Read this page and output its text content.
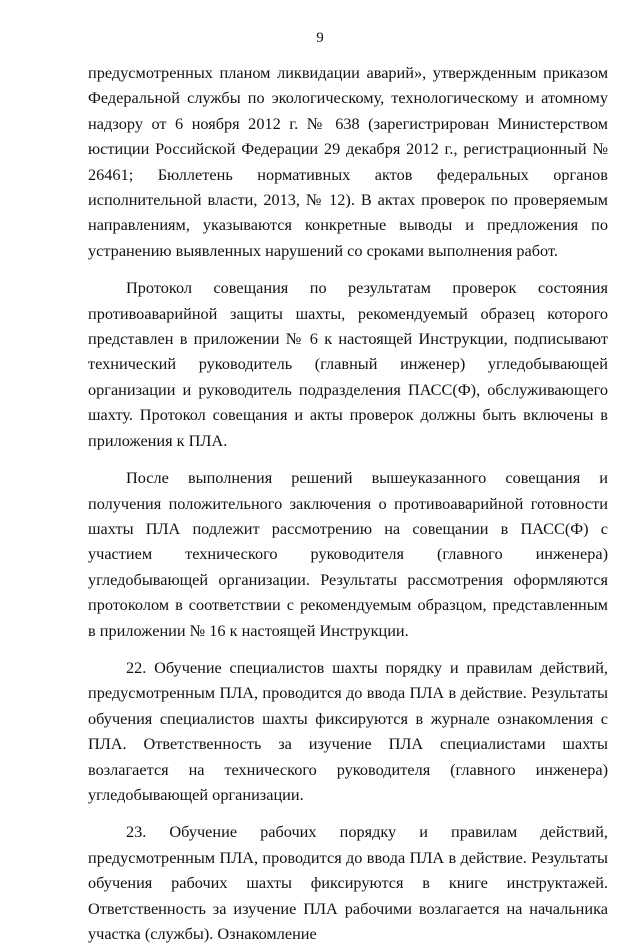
9

предусмотренных планом ликвидации аварий», утвержденным приказом Федеральной службы по экологическому, технологическому и атомному надзору от 6 ноября 2012 г. № 638 (зарегистрирован Министерством юстиции Российской Федерации 29 декабря 2012 г., регистрационный № 26461; Бюллетень нормативных актов федеральных органов исполнительной власти, 2013, № 12). В актах проверок по проверяемым направлениям, указываются конкретные выводы и предложения по устранению выявленных нарушений со сроками выполнения работ.

Протокол совещания по результатам проверок состояния противоаварийной защиты шахты, рекомендуемый образец которого представлен в приложении № 6 к настоящей Инструкции, подписывают технический руководитель (главный инженер) угледобывающей организации и руководитель подразделения ПАСС(Ф), обслуживающего шахту. Протокол совещания и акты проверок должны быть включены в приложения к ПЛА.

После выполнения решений вышеуказанного совещания и получения положительного заключения о противоаварийной готовности шахты ПЛА подлежит рассмотрению на совещании в ПАСС(Ф) с участием технического руководителя (главного инженера) угледобывающей организации. Результаты рассмотрения оформляются протоколом в соответствии с рекомендуемым образцом, представленным в приложении № 16 к настоящей Инструкции.

22. Обучение специалистов шахты порядку и правилам действий, предусмотренным ПЛА, проводится до ввода ПЛА в действие. Результаты обучения специалистов шахты фиксируются в журнале ознакомления с ПЛА. Ответственность за изучение ПЛА специалистами шахты возлагается на технического руководителя (главного инженера) угледобывающей организации.

23. Обучение рабочих порядку и правилам действий, предусмотренным ПЛА, проводится до ввода ПЛА в действие. Результаты обучения рабочих шахты фиксируются в книге инструктажей. Ответственность за изучение ПЛА рабочими возлагается на начальника участка (службы). Ознакомление
